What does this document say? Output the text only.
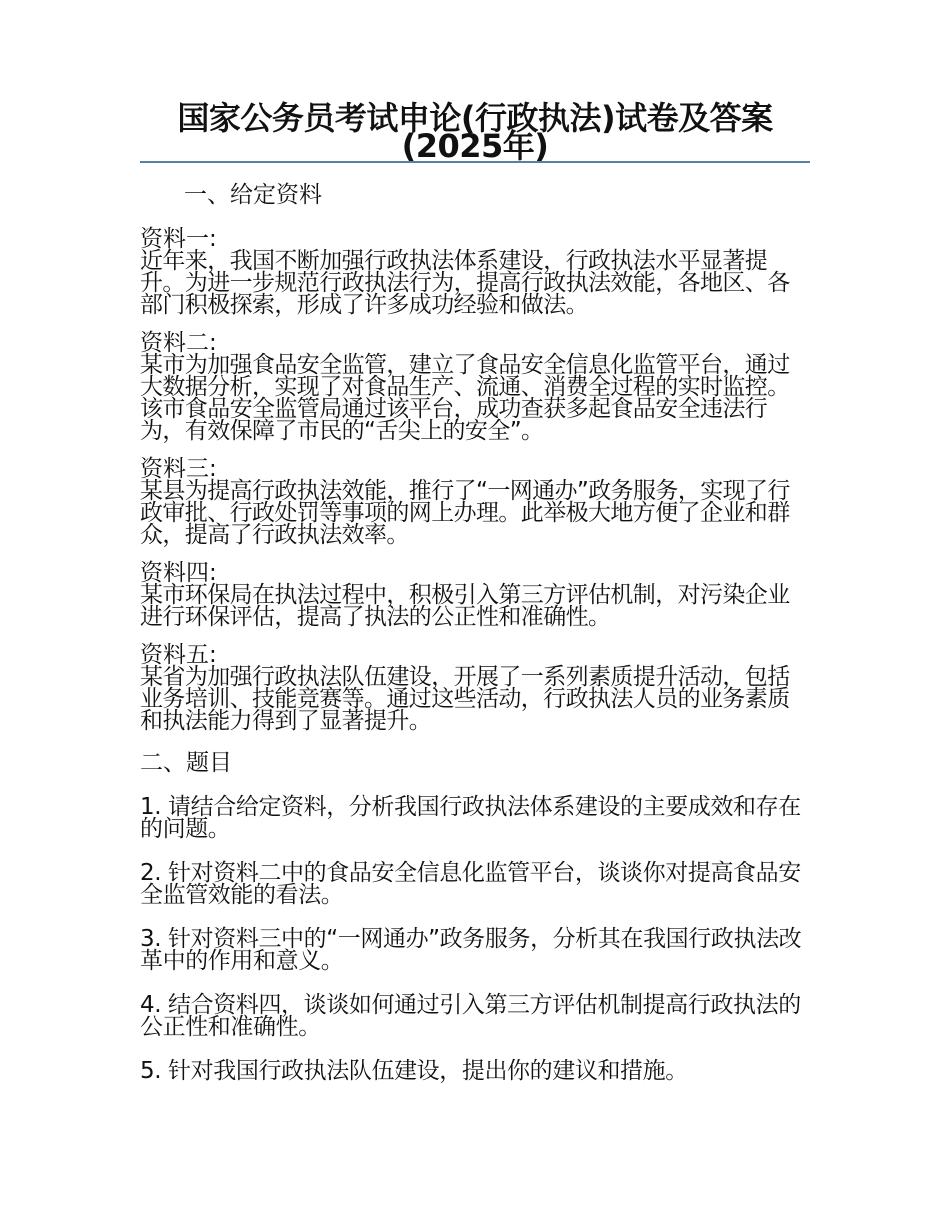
国家公务员考试申论(行政执法)试卷及答案(2025年)

一、给定资料

资料一:

近年来，我国不断加强行政执法体系建设，行政执法水平显著提升。为进一步规范行政执法行为，提高行政执法效能，各地区、各部门积极探索，形成了许多成功经验和做法。

资料二:

某市为加强食品安全监管，建立了食品安全信息化监管平台，通过大数据分析，实现了对食品生产、流通、消费全过程的实时监控。该市食品安全监管局通过该平台，成功查获多起食品安全违法行为，有效保障了市民的“舌尖上的安全”。

资料三:

某县为提高行政执法效能，推行了“一网通办”政务服务，实现了行政审批、行政处罚等事项的网上办理。此举极大地方便了企业和群众，提高了行政执法效率。

资料四:

某市环保局在执法过程中，积极引入第三方评估机制，对污染企业进行环保评估，提高了执法的公正性和准确性。

资料五:

某省为加强行政执法队伍建设，开展了一系列素质提升活动，包括业务培训、技能竞赛等。通过这些活动，行政执法人员的业务素质和执法能力得到了显著提升。

二、题目

1. 请结合给定资料，分析我国行政执法体系建设的主要成效和存在的问题。

2. 针对资料二中的食品安全信息化监管平台，谈谈你对提高食品安全监管效能的看法。

3. 针对资料三中的“一网通办”政务服务，分析其在我国行政执法改革中的作用和意义。

4. 结合资料四，谈谈如何通过引入第三方评估机制提高行政执法的公正性和准确性。

5. 针对我国行政执法队伍建设，提出你的建议和措施。
